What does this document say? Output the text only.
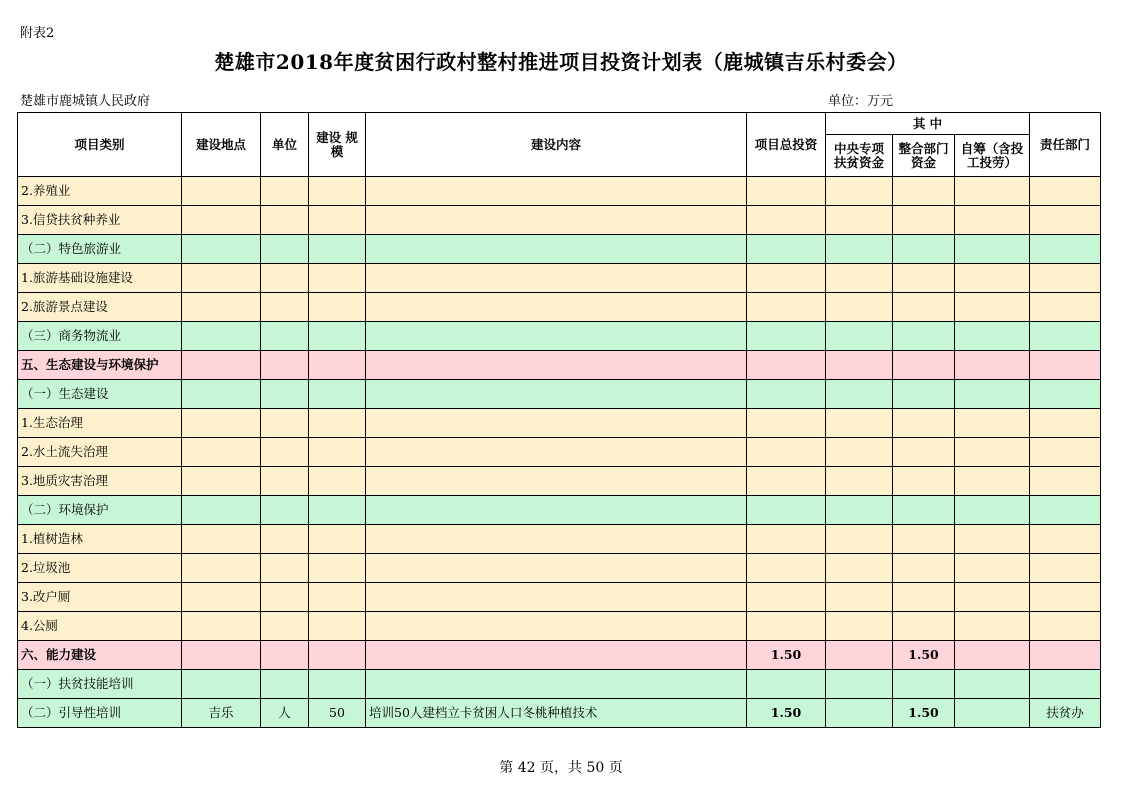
附表2
楚雄市2018年度贫困行政村整村推进项目投资计划表（鹿城镇吉乐村委会）
楚雄市鹿城镇人民政府	单位：万元
项目类别	建设地点	单位	建设 规模	建设内容	项目总投资	其 中			责任部门
						中央专项扶贫资金	整合部门资金	自筹（含投工投劳）	
2.养殖业									
3.信贷扶贫种养业									
（二）特色旅游业									
1.旅游基础设施建设									
2.旅游景点建设									
（三）商务物流业									
五、生态建设与环境保护									
（一）生态建设									
1.生态治理									
2.水土流失治理									
3.地质灾害治理									
（二）环境保护									
1.植树造林									
2.垃圾池									
3.改户厕									
4.公厕									
六、能力建设					1.50		1.50		
（一）扶贫技能培训									
（二）引导性培训	吉乐	人	50	培训50人建档立卡贫困人口冬桃种植技术	1.50		1.50		扶贫办
第 42 页，共 50 页
